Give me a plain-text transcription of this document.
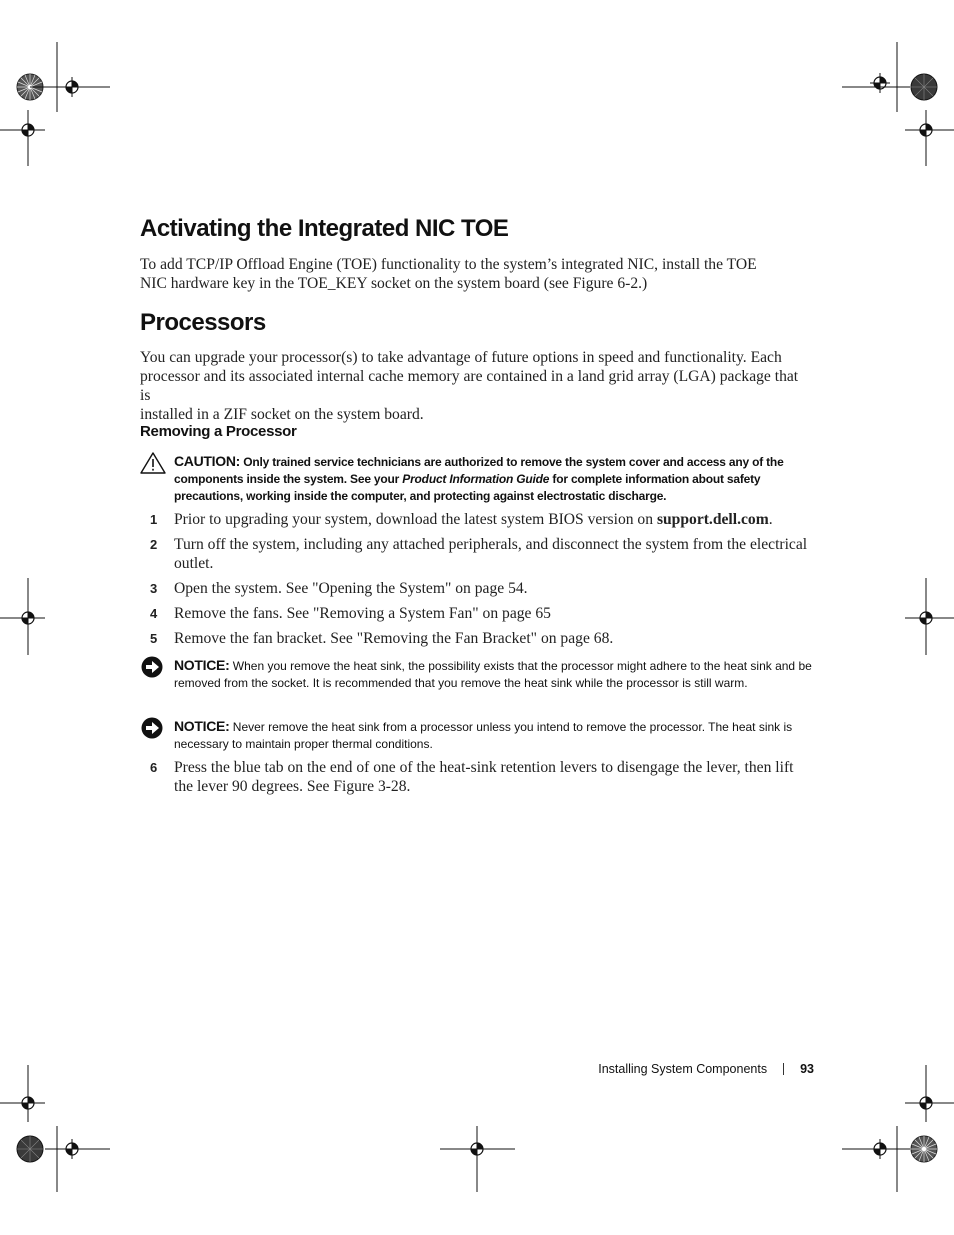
Activating the Integrated NIC TOE
To add TCP/IP Offload Engine (TOE) functionality to the system’s integrated NIC, install the TOE
NIC hardware key in the TOE_KEY socket on the system board (see Figure 6-2.)
Processors
You can upgrade your processor(s) to take advantage of future options in speed and functionality. Each
processor and its associated internal cache memory are contained in a land grid array (LGA) package that is
installed in a ZIF socket on the system board.
Removing a Processor
CAUTION: Only trained service technicians are authorized to remove the system cover and access any of the components inside the system. See your Product Information Guide for complete information about safety precautions, working inside the computer, and protecting against electrostatic discharge.
1 Prior to upgrading your system, download the latest system BIOS version on support.dell.com.
2 Turn off the system, including any attached peripherals, and disconnect the system from the electrical outlet.
3 Open the system. See "Opening the System" on page 54.
4 Remove the fans. See "Removing a System Fan" on page 65
5 Remove the fan bracket. See "Removing the Fan Bracket" on page 68.
NOTICE: When you remove the heat sink, the possibility exists that the processor might adhere to the heat sink and be removed from the socket. It is recommended that you remove the heat sink while the processor is still warm.
NOTICE: Never remove the heat sink from a processor unless you intend to remove the processor. The heat sink is necessary to maintain proper thermal conditions.
6 Press the blue tab on the end of one of the heat-sink retention levers to disengage the lever, then lift the lever 90 degrees. See Figure 3-28.
Installing System Components	93
